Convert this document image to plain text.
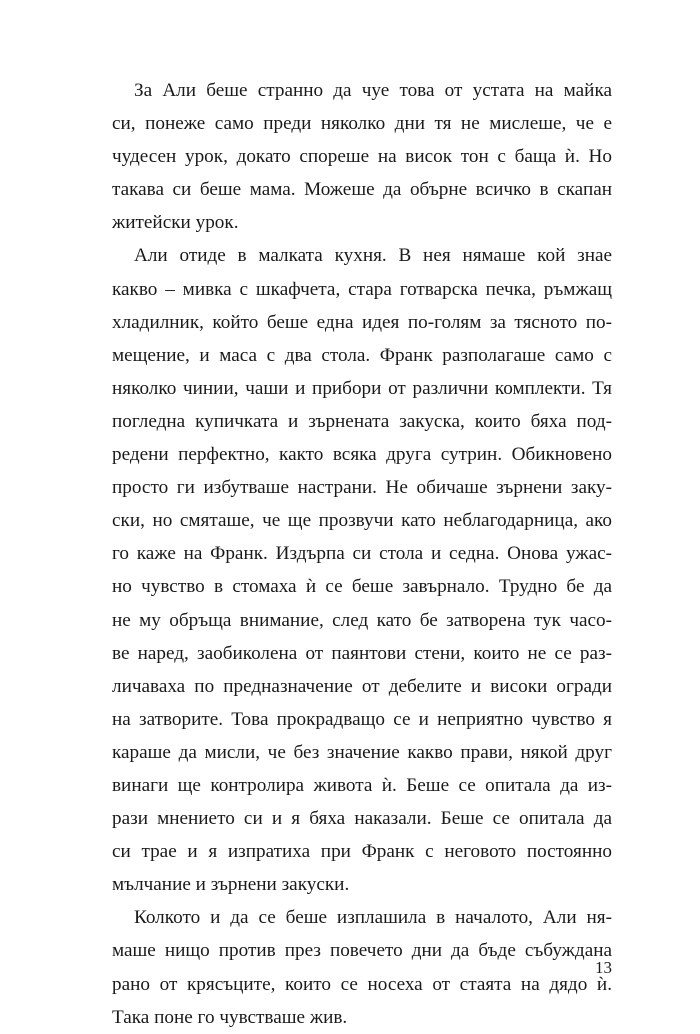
За Али беше странно да чуе това от устата на майка
си, понеже само преди няколко дни тя не мислеше, че е
чудесен урок, докато спореше на висок тон с баща ѝ. Но
такава си беше мама. Можеше да обърне всичко в скапан
житейски урок.

Али отиде в малката кухня. В нея нямаше кой знае
какво – мивка с шкафчета, стара готварска печка, ръмжащ
хладилник, който беше една идея по-голям за тясното по-
мещение, и маса с два стола. Франк разполагаше само с
няколко чинии, чаши и прибори от различни комплекти. Тя
погледна купичката и зърнената закуска, които бяха под-
редени перфектно, както всяка друга сутрин. Обикновено
просто ги избутваше настрани. Не обичаше зърнени заку-
ски, но смяташе, че ще прозвучи като неблагодарница, ако
го каже на Франк. Издърпа си стола и седна. Онова ужас-
но чувство в стомаха ѝ се беше завърнало. Трудно бе да
не му обръща внимание, след като бе затворена тук часо-
ве наред, заобиколена от паянтови стени, които не се раз-
личаваха по предназначение от дебелите и високи огради
на затворите. Това прокрадващо се и неприятно чувство я
караше да мисли, че без значение какво прави, някой друг
винаги ще контролира живота ѝ. Беше се опитала да из-
рази мнението си и я бяха наказали. Беше се опитала да
си трае и я изпратиха при Франк с неговото постоянно
мълчание и зърнени закуски.

Колкото и да се беше изплашила в началото, Али ня-
маше нищо против през повечето дни да бъде събуждана
рано от крясъците, които се носеха от стаята на дядо ѝ.
Така поне го чувстваше жив.

13
